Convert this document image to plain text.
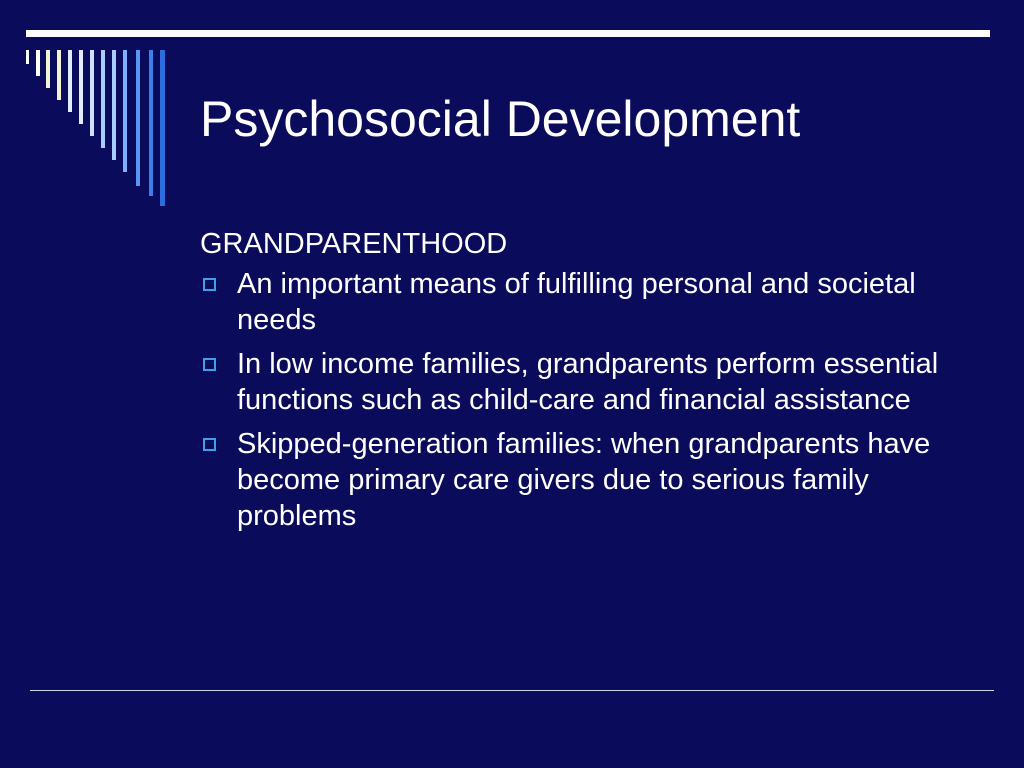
Psychosocial Development
GRANDPARENTHOOD
An important means of fulfilling personal and societal needs
In low income families, grandparents perform essential functions such as child-care and financial assistance
Skipped-generation families: when grandparents have become primary care givers due to serious family problems
